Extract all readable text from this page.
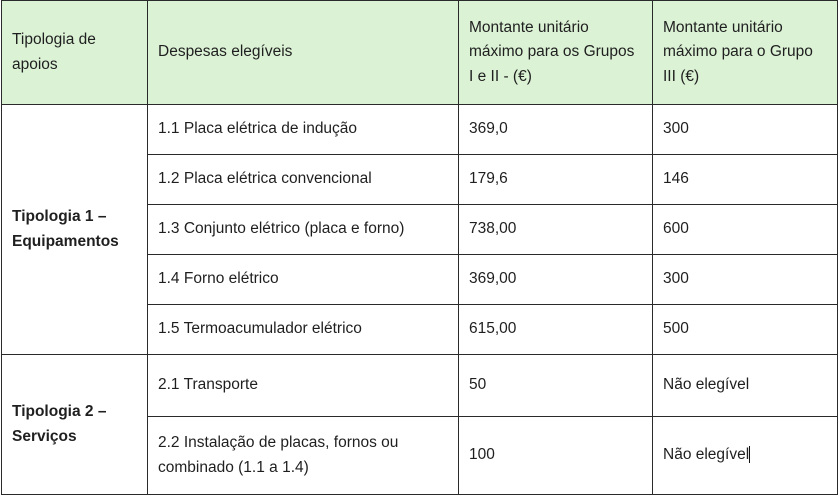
Tipologia de apoios	Despesas elegíveis	Montante unitário máximo para os Grupos I e II - (€)	Montante unitário máximo para o Grupo III (€)
Tipologia 1 – Equipamentos	1.1 Placa elétrica de indução	369,0	300
	1.2 Placa elétrica convencional	179,6	146
	1.3 Conjunto elétrico (placa e forno)	738,00	600
	1.4 Forno elétrico	369,00	300
	1.5 Termoacumulador elétrico	615,00	500
Tipologia 2 – Serviços	2.1 Transporte	50	Não elegível
	2.2 Instalação de placas, fornos ou combinado (1.1 a 1.4)	100	Não elegível
